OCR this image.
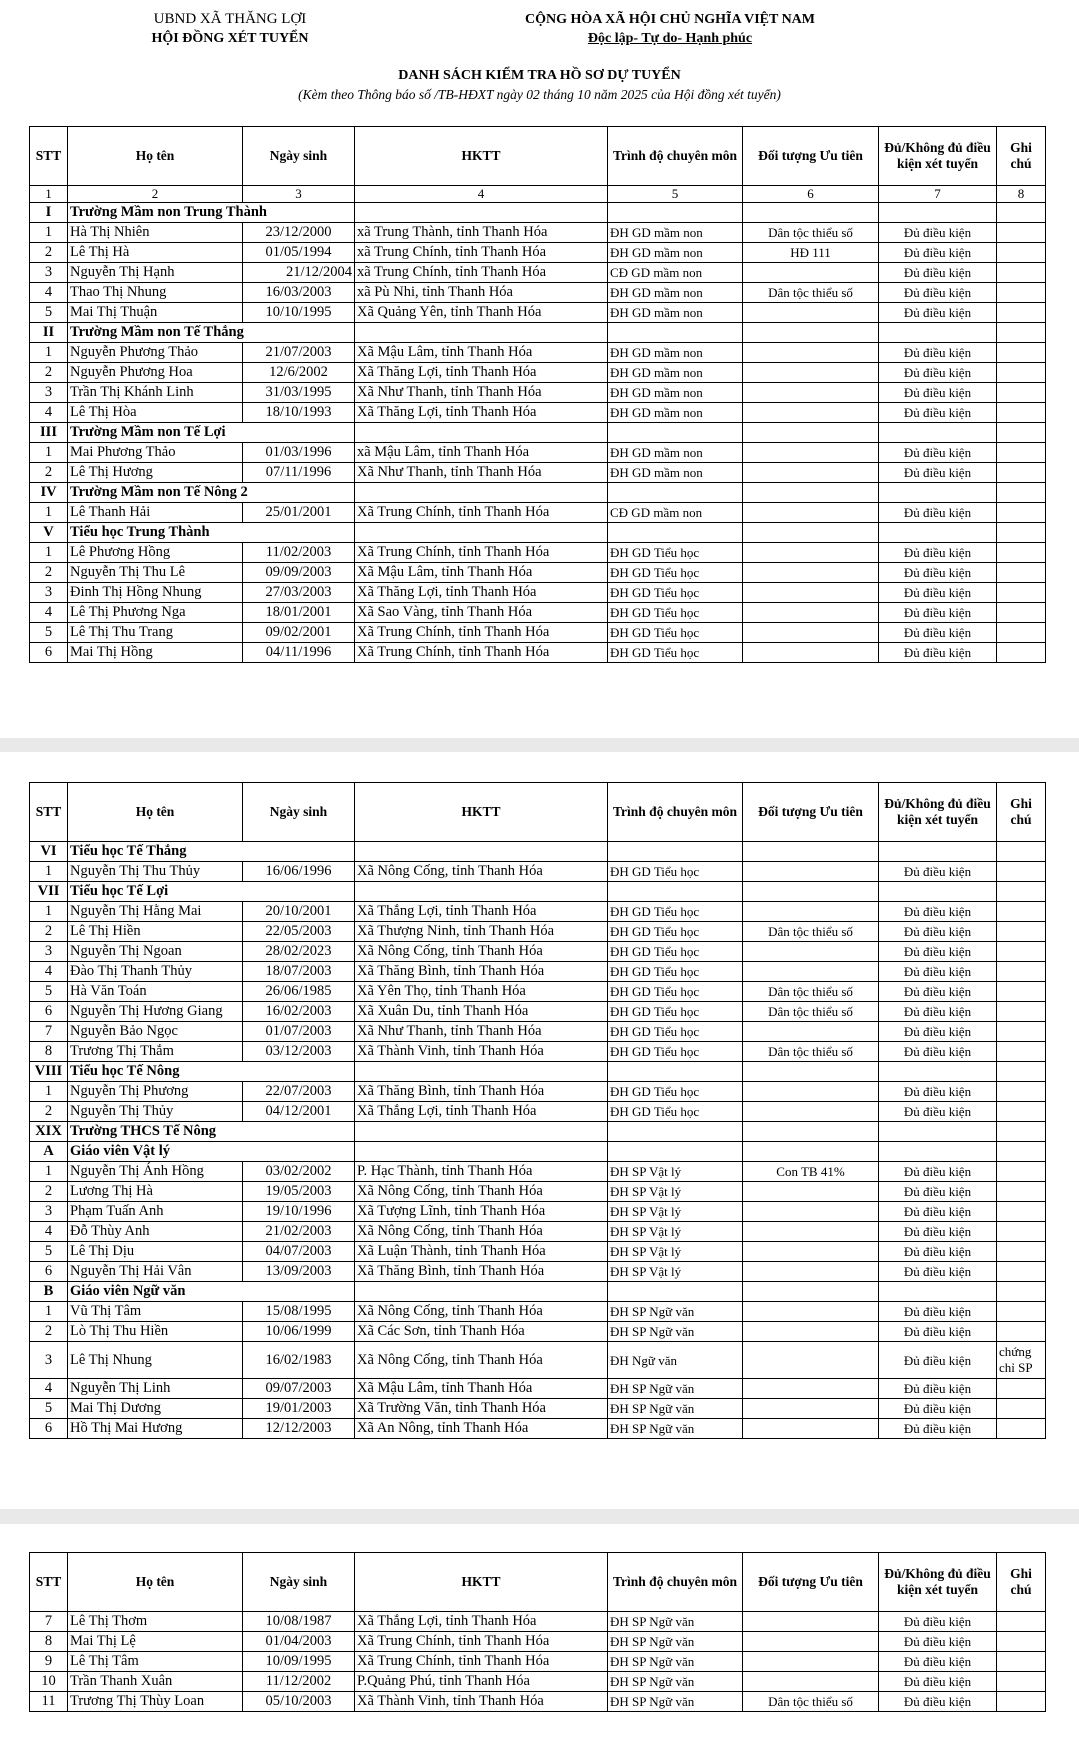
UBND XÃ THĂNG LỢI
HỘI ĐỒNG XÉT TUYỂN
CỘNG HÒA XÃ HỘI CHỦ NGHĨA VIỆT NAM
Độc lập- Tự do- Hạnh phúc
DANH SÁCH KIỂM TRA HỒ SƠ DỰ TUYỂN
(Kèm theo Thông báo số /TB-HĐXT ngày 02 tháng 10 năm 2025 của Hội đồng xét tuyển)
STT	Họ tên	Ngày sinh	HKTT	Trình độ chuyên môn	Đối tượng Ưu tiên	Đủ/Không đủ điều kiện xét tuyển	Ghi chú
1	2	3	4	5	6	7	8
I	Trường Mầm non Trung Thành						
1	Hà Thị Nhiên	23/12/2000	xã Trung Thành, tỉnh Thanh Hóa	ĐH GD mầm non	Dân tộc thiểu số	Đủ điều kiện	
2	Lê Thị Hà	01/05/1994	xã Trung Chính, tỉnh Thanh Hóa	ĐH GD mầm non	HĐ 111	Đủ điều kiện	
3	Nguyễn Thị Hạnh	21/12/2004	xã Trung Chính, tỉnh Thanh Hóa	CĐ GD mầm non		Đủ điều kiện	
4	Thao Thị Nhung	16/03/2003	xã Pù Nhi, tỉnh Thanh Hóa	ĐH GD mầm non	Dân tộc thiểu số	Đủ điều kiện	
5	Mai Thị Thuận	10/10/1995	Xã Quảng Yên, tỉnh Thanh Hóa	ĐH GD mầm non		Đủ điều kiện	
II	Trường Mầm non Tế Thắng						
1	Nguyễn Phương Thảo	21/07/2003	Xã Mậu Lâm, tỉnh Thanh Hóa	ĐH GD mầm non		Đủ điều kiện	
2	Nguyễn Phương Hoa	12/6/2002	Xã Thăng Lợi, tỉnh Thanh Hóa	ĐH GD mầm non		Đủ điều kiện	
3	Trần Thị Khánh Linh	31/03/1995	Xã Như Thanh, tỉnh Thanh Hóa	ĐH GD mầm non		Đủ điều kiện	
4	Lê Thị Hòa	18/10/1993	Xã Thăng Lợi, tỉnh Thanh Hóa	ĐH GD mầm non		Đủ điều kiện	
III	Trường Mầm non Tế Lợi						
1	Mai Phương Thảo	01/03/1996	xã Mậu Lâm, tỉnh Thanh Hóa	ĐH GD mầm non		Đủ điều kiện	
2	Lê Thị Hương	07/11/1996	Xã Như Thanh, tỉnh Thanh Hóa	ĐH GD mầm non		Đủ điều kiện	
IV	Trường Mầm non Tế Nông 2						
1	Lê Thanh Hải	25/01/2001	Xã Trung Chính, tỉnh Thanh Hóa	CĐ GD mầm non		Đủ điều kiện	
V	Tiểu học Trung Thành						
1	Lê Phương Hồng	11/02/2003	Xã Trung Chính, tỉnh Thanh Hóa	ĐH GD Tiểu học		Đủ điều kiện	
2	Nguyễn Thị Thu Lê	09/09/2003	Xã Mậu Lâm, tỉnh Thanh Hóa	ĐH GD Tiểu học		Đủ điều kiện	
3	Đinh Thị Hồng Nhung	27/03/2003	Xã Thăng Lợi, tỉnh Thanh Hóa	ĐH GD Tiểu học		Đủ điều kiện	
4	Lê Thị Phương Nga	18/01/2001	Xã Sao Vàng, tỉnh Thanh Hóa	ĐH GD Tiểu học		Đủ điều kiện	
5	Lê Thị Thu Trang	09/02/2001	Xã Trung Chính, tỉnh Thanh Hóa	ĐH GD Tiểu học		Đủ điều kiện	
6	Mai Thị Hồng	04/11/1996	Xã Trung Chính, tỉnh Thanh Hóa	ĐH GD Tiểu học		Đủ điều kiện	
STT	Họ tên	Ngày sinh	HKTT	Trình độ chuyên môn	Đối tượng Ưu tiên	Đủ/Không đủ điều kiện xét tuyển	Ghi chú
VI	Tiểu học Tế Thắng						
1	Nguyễn Thị Thu Thủy	16/06/1996	Xã Nông Cống, tỉnh Thanh Hóa	ĐH GD Tiểu học		Đủ điều kiện	
VII	Tiểu học Tế Lợi						
1	Nguyễn Thị Hằng Mai	20/10/2001	Xã Thắng Lợi, tỉnh Thanh Hóa	ĐH GD Tiểu học		Đủ điều kiện	
2	Lê Thị Hiền	22/05/2003	Xã Thượng Ninh, tỉnh Thanh Hóa	ĐH GD Tiểu học	Dân tộc thiểu số	Đủ điều kiện	
3	Nguyễn Thị Ngoan	28/02/2023	Xã Nông Cống, tỉnh Thanh Hóa	ĐH GD Tiểu học		Đủ điều kiện	
4	Đào Thị Thanh Thủy	18/07/2003	Xã Thăng Bình, tỉnh Thanh Hóa	ĐH GD Tiểu học		Đủ điều kiện	
5	Hà Văn Toán	26/06/1985	Xã Yên Thọ, tỉnh Thanh Hóa	ĐH GD Tiểu học	Dân tộc thiểu số	Đủ điều kiện	
6	Nguyễn Thị Hương Giang	16/02/2003	Xã Xuân Du, tỉnh Thanh Hóa	ĐH GD Tiểu học	Dân tộc thiểu số	Đủ điều kiện	
7	Nguyễn Bảo Ngọc	01/07/2003	Xã Như Thanh, tỉnh Thanh Hóa	ĐH GD Tiểu học		Đủ điều kiện	
8	Trương Thị Thắm	03/12/2003	Xã Thành Vinh, tỉnh Thanh Hóa	ĐH GD Tiểu học	Dân tộc thiểu số	Đủ điều kiện	
VIII	Tiểu học Tế Nông						
1	Nguyễn Thị Phương	22/07/2003	Xã Thăng Bình, tỉnh Thanh Hóa	ĐH GD Tiểu học		Đủ điều kiện	
2	Nguyễn Thị Thủy	04/12/2001	Xã Thắng Lợi, tỉnh Thanh Hóa	ĐH GD Tiểu học		Đủ điều kiện	
XIX	Trường THCS Tế Nông						
A	Giáo viên Vật lý						
1	Nguyễn Thị Ánh Hồng	03/02/2002	P. Hạc Thành, tỉnh Thanh Hóa	ĐH SP Vật lý	Con TB 41%	Đủ điều kiện	
2	Lương Thị Hà	19/05/2003	Xã Nông Cống, tỉnh Thanh Hóa	ĐH SP Vật lý		Đủ điều kiện	
3	Phạm Tuấn Anh	19/10/1996	Xã Tượng Lĩnh, tỉnh Thanh Hóa	ĐH SP Vật lý		Đủ điều kiện	
4	Đỗ Thùy Anh	21/02/2003	Xã Nông Cống, tỉnh Thanh Hóa	ĐH SP Vật lý		Đủ điều kiện	
5	Lê Thị Dịu	04/07/2003	Xã Luận Thành, tỉnh Thanh Hóa	ĐH SP Vật lý		Đủ điều kiện	
6	Nguyễn Thị Hải Vân	13/09/2003	Xã Thăng Bình, tỉnh Thanh Hóa	ĐH SP Vật lý		Đủ điều kiện	
B	Giáo viên Ngữ văn						
1	Vũ Thị Tâm	15/08/1995	Xã Nông Cống, tỉnh Thanh Hóa	ĐH SP Ngữ văn		Đủ điều kiện	
2	Lò Thị Thu Hiền	10/06/1999	Xã Các Sơn, tỉnh Thanh Hóa	ĐH SP Ngữ văn		Đủ điều kiện	
3	Lê Thị Nhung	16/02/1983	Xã Nông Cống, tỉnh Thanh Hóa	ĐH Ngữ văn		Đủ điều kiện	chứng chỉ SP
4	Nguyễn Thị Linh	09/07/2003	Xã Mậu Lâm, tỉnh Thanh Hóa	ĐH SP Ngữ văn		Đủ điều kiện	
5	Mai Thị Dương	19/01/2003	Xã Trường Văn, tỉnh Thanh Hóa	ĐH SP Ngữ văn		Đủ điều kiện	
6	Hồ Thị Mai Hương	12/12/2003	Xã An Nông, tỉnh Thanh Hóa	ĐH SP Ngữ văn		Đủ điều kiện	
STT	Họ tên	Ngày sinh	HKTT	Trình độ chuyên môn	Đối tượng Ưu tiên	Đủ/Không đủ điều kiện xét tuyển	Ghi chú
7	Lê Thị Thơm	10/08/1987	Xã Thắng Lợi, tỉnh Thanh Hóa	ĐH SP Ngữ văn		Đủ điều kiện	
8	Mai Thị Lệ	01/04/2003	Xã Trung Chính, tỉnh Thanh Hóa	ĐH SP Ngữ văn		Đủ điều kiện	
9	Lê Thị Tâm	10/09/1995	Xã Trung Chính, tỉnh Thanh Hóa	ĐH SP Ngữ văn		Đủ điều kiện	
10	Trần Thanh Xuân	11/12/2002	P.Quảng Phú, tỉnh Thanh Hóa	ĐH SP Ngữ văn		Đủ điều kiện	
11	Trương Thị Thùy Loan	05/10/2003	Xã Thành Vinh, tỉnh Thanh Hóa	ĐH SP Ngữ văn	Dân tộc thiểu số	Đủ điều kiện	
